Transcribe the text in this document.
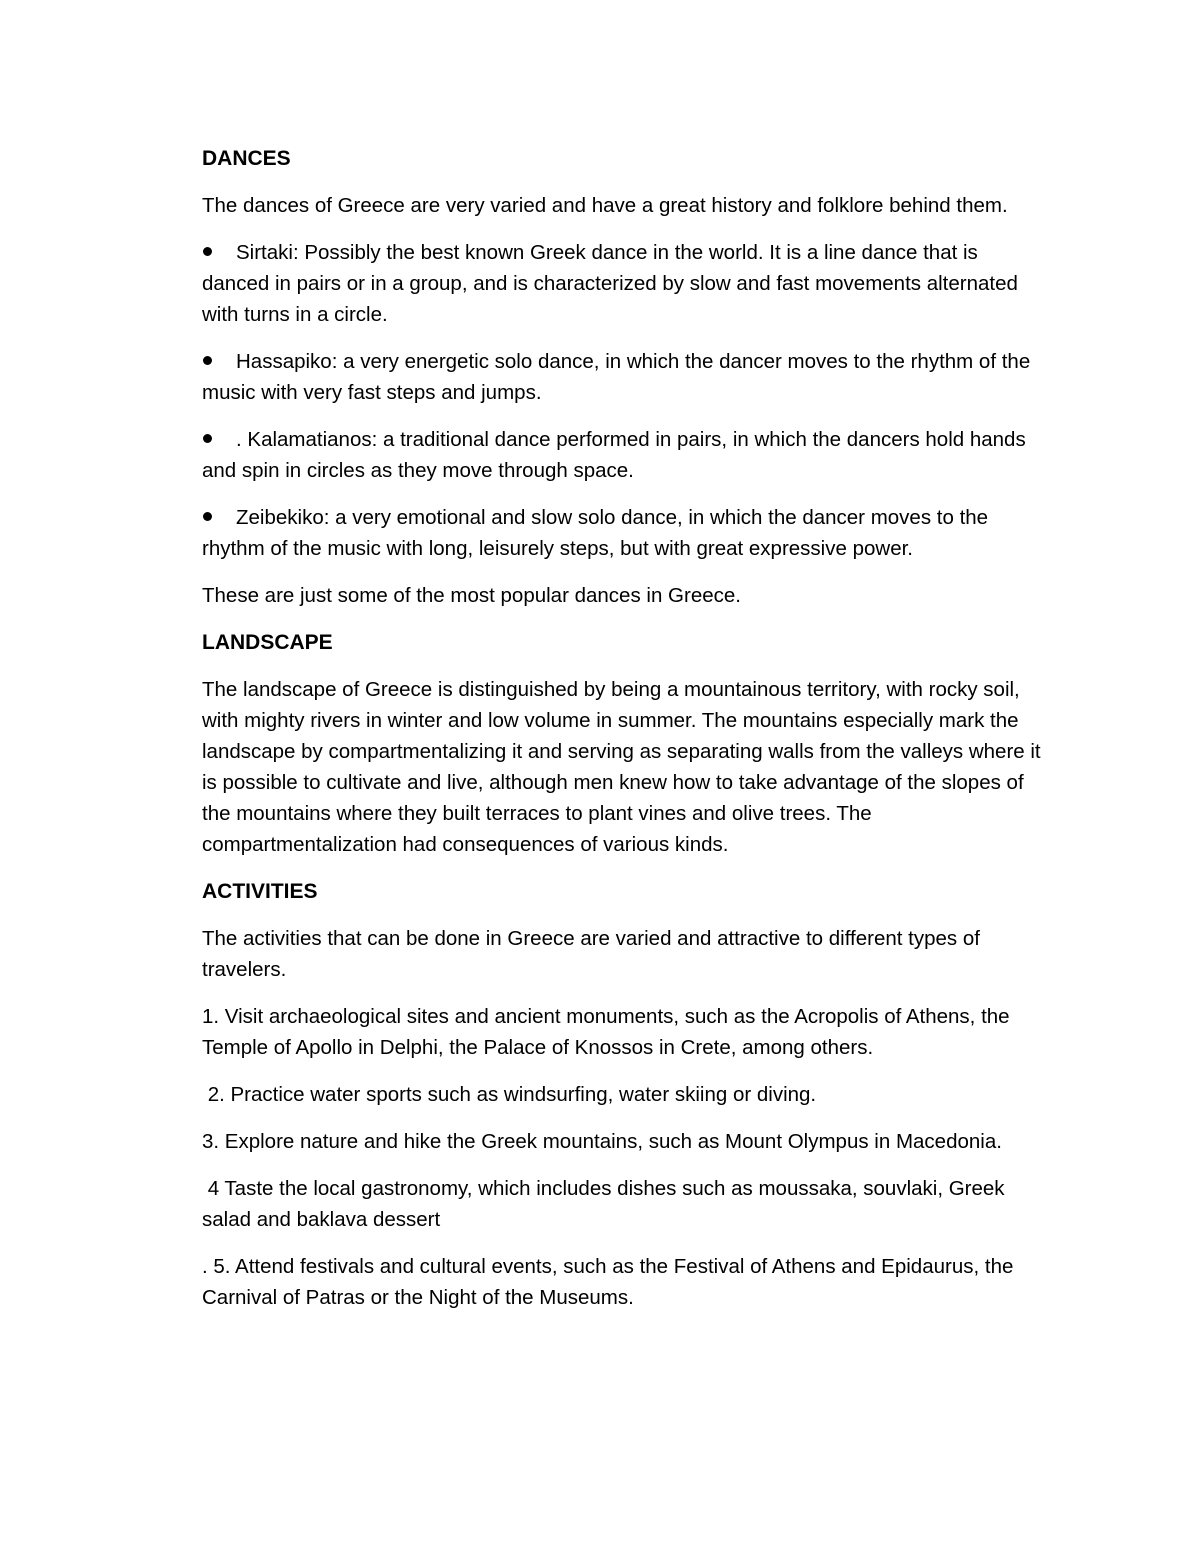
DANCES
The dances of Greece are very varied and have a great history and folklore behind them.
Sirtaki: Possibly the best known Greek dance in the world. It is a line dance that is danced in pairs or in a group, and is characterized by slow and fast movements alternated with turns in a circle.
Hassapiko: a very energetic solo dance, in which the dancer moves to the rhythm of the music with very fast steps and jumps.
. Kalamatianos: a traditional dance performed in pairs, in which the dancers hold hands and spin in circles as they move through space.
Zeibekiko: a very emotional and slow solo dance, in which the dancer moves to the rhythm of the music with long, leisurely steps, but with great expressive power.
These are just some of the most popular dances in Greece.
LANDSCAPE
The landscape of Greece is distinguished by being a mountainous territory, with rocky soil, with mighty rivers in winter and low volume in summer. The mountains especially mark the landscape by compartmentalizing it and serving as separating walls from the valleys where it is possible to cultivate and live, although men knew how to take advantage of the slopes of the mountains where they built terraces to plant vines and olive trees. The compartmentalization had consequences of various kinds.
ACTIVITIES
The activities that can be done in Greece are varied and attractive to different types of travelers.
1. Visit archaeological sites and ancient monuments, such as the Acropolis of Athens, the Temple of Apollo in Delphi, the Palace of Knossos in Crete, among others.
2. Practice water sports such as windsurfing, water skiing or diving.
3. Explore nature and hike the Greek mountains, such as Mount Olympus in Macedonia.
4 Taste the local gastronomy, which includes dishes such as moussaka, souvlaki, Greek salad and baklava dessert
. 5. Attend festivals and cultural events, such as the Festival of Athens and Epidaurus, the Carnival of Patras or the Night of the Museums.
